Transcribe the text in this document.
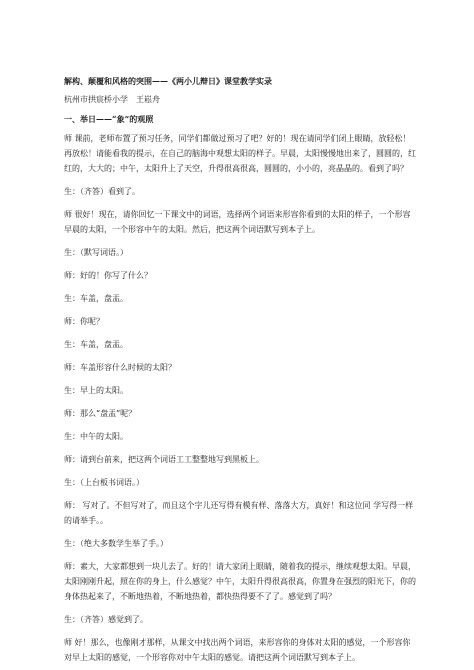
解构、颠覆和风格的突围——《两小儿辩日》课堂教学实录

杭州市拱宸桥小学　王崧舟

一、举日——“象”的观照

师 课前，老师布置了预习任务，同学们都做过预习了吧？好的！现在请同学们闭上眼睛，放轻松！再放松！请能看我的提示，在自己的脑海中观想太阳的样子。早晨，太阳慢慢地出来了，圆圆的，红红的，大大的；中午，太阳升上了天空，升得很高很高，圆圆的，小小的，亮晶晶的。看到了吗？

生：（齐答）看到了。

师 很好！现在，请你回忆一下课文中的词语，选择两个词语来形容你看到的太阳的样子，一个形容早晨的太阳，一个形容中午的太阳。然后，把这两个词语默写到本子上。

生：（默写词语。）

师：好的！你写了什么？

生：车盖，盘盂。

师：你呢？

生：车盖，盘盂。

师：车盖形容什么时候的太阳？

生：早上的太阳。

师：那么“盘盂”呢？

生：中午的太阳。

师：请到台前来，把这两个词语工工整整地写到黑板上。

生：（上台板书词语。）

师： 写对了。不但写对了，而且这个字儿还写得有模有样、落落大方，真好！和这位同 学写得一样的请举手。。

生：（绝大多数学生举了手。）

师：素大，大家都想到一块儿去了。好的！请大家闭上眼睛，随着我的提示，继续观想太阳。早晨，太阳刚刚升起，照在你的身上，什么感觉？中午，太阳升得很高很高，你置身在强烈的阳光下，你的身体热起来了，不断地热着，不断地热着，都快热得要不了了。感觉到了吗？

生：（齐答）感觉到了。

师 好！那么，也像刚才那样，从课文中找出两个词语，来形容你的身体对太阳的感觉，一个形容你对早上太阳的感觉，一个形容你对中午太阳的感觉。请把这两个词语默写到本子上。
